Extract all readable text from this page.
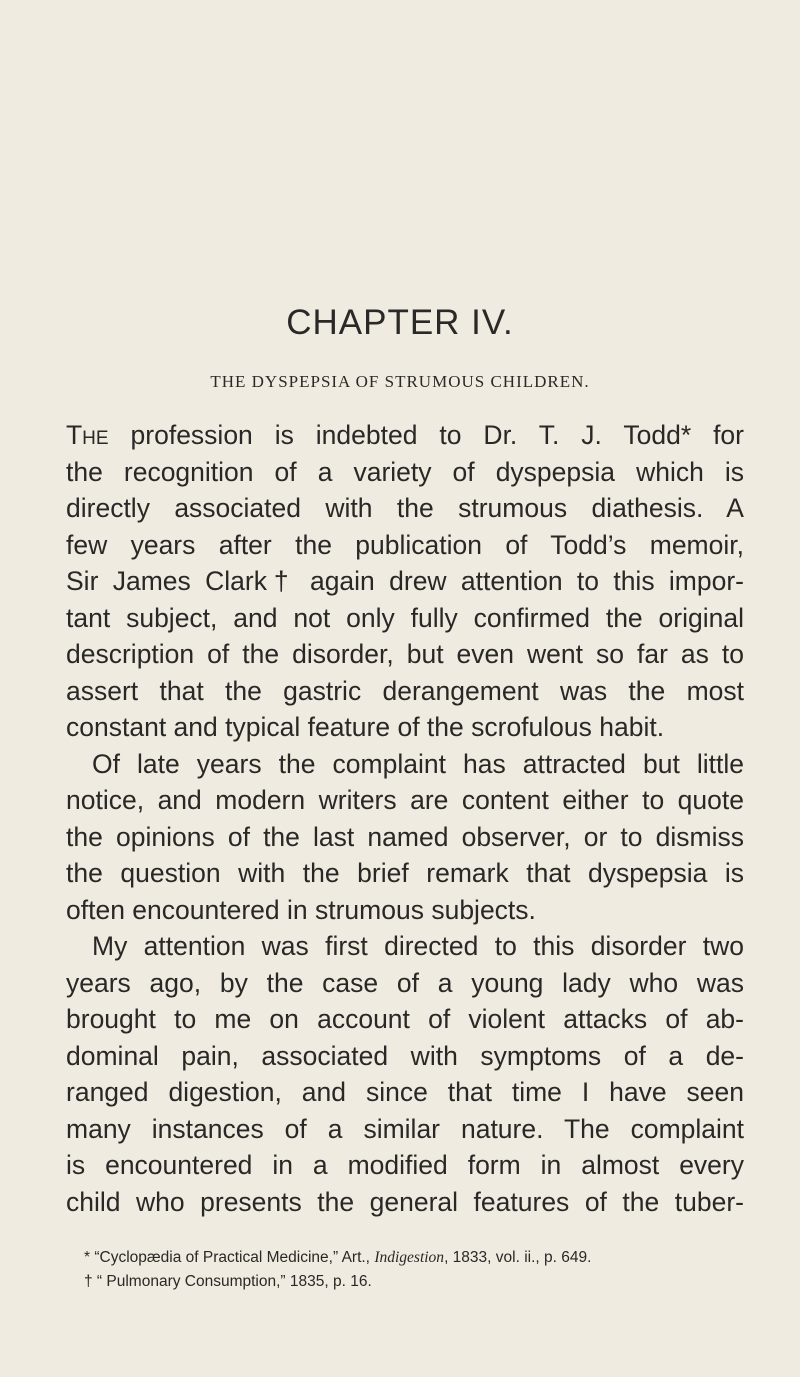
CHAPTER IV.
THE DYSPEPSIA OF STRUMOUS CHILDREN.
The profession is indebted to Dr. T. J. Todd* for
the recognition of a variety of dyspepsia which is
directly associated with the strumous diathesis. A
few years after the publication of Todd’s memoir,
Sir James Clark† again drew attention to this impor-
tant subject, and not only fully confirmed the original
description of the disorder, but even went so far as to
assert that the gastric derangement was the most
constant and typical feature of the scrofulous habit.
Of late years the complaint has attracted but little
notice, and modern writers are content either to quote
the opinions of the last named observer, or to dismiss
the question with the brief remark that dyspepsia is
often encountered in strumous subjects.
My attention was first directed to this disorder two
years ago, by the case of a young lady who was
brought to me on account of violent attacks of ab-
dominal pain, associated with symptoms of a de-
ranged digestion, and since that time I have seen
many instances of a similar nature. The complaint
is encountered in a modified form in almost every
child who presents the general features of the tuber-
* “Cyclopædia of Practical Medicine,” Art., Indigestion, 1833, vol. ii., p. 649.
† “ Pulmonary Consumption,” 1835, p. 16.
